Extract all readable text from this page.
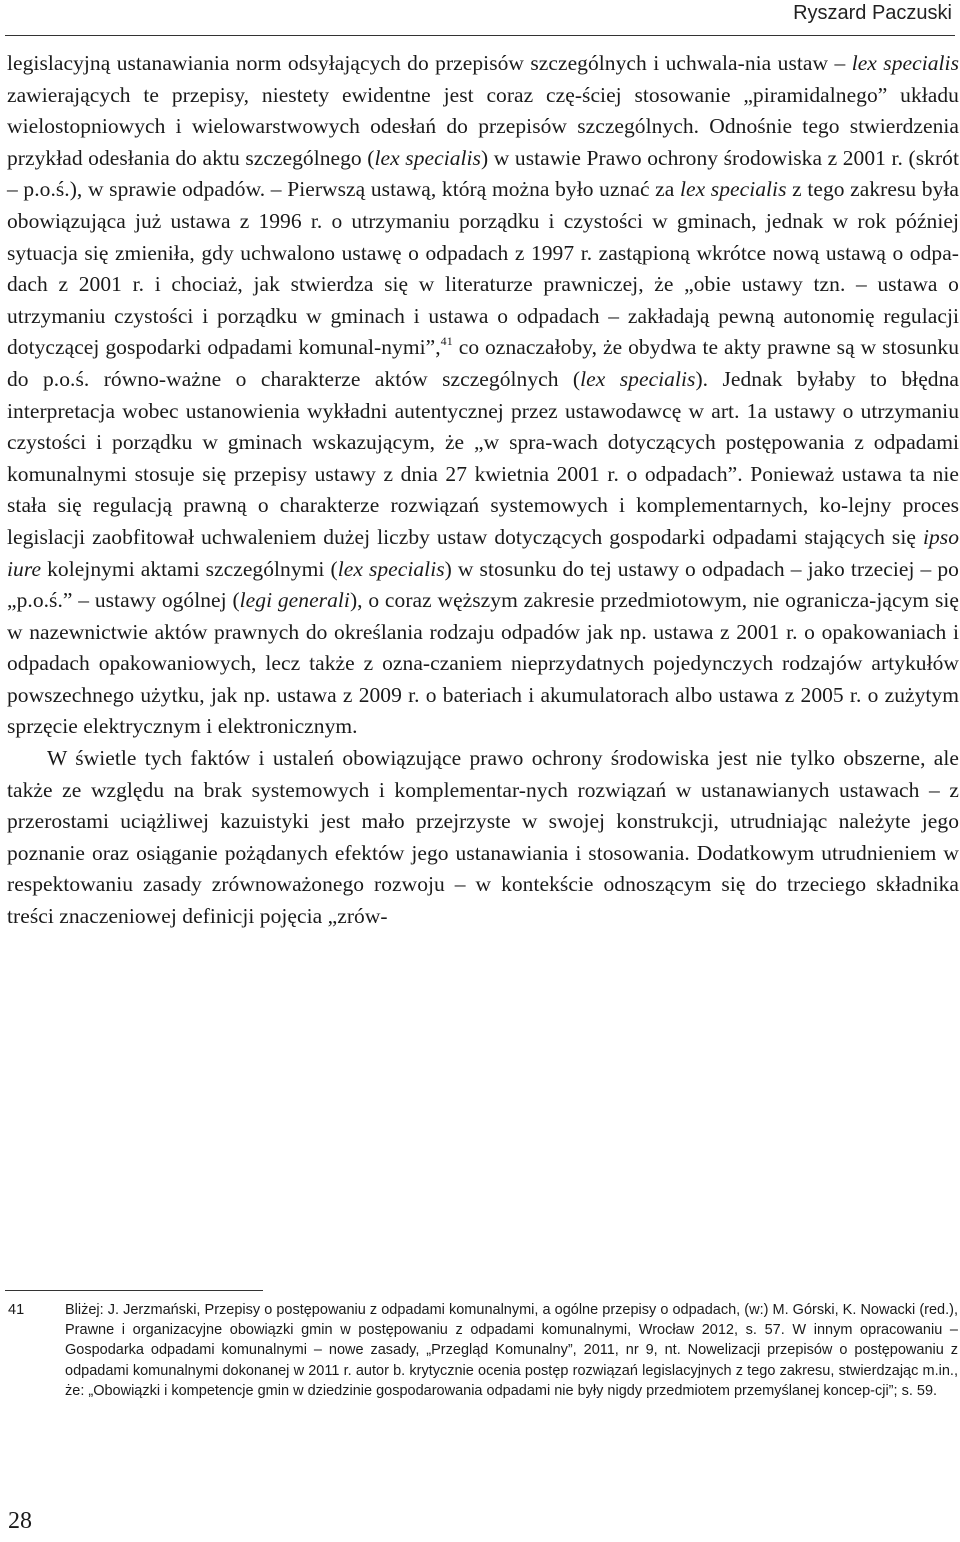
Ryszard Paczuski

legislacyjną ustanawiania norm odsyłających do przepisów szczególnych i uchwala-​nia ustaw – lex specialis zawierających te przepisy, niestety ewidentne jest coraz czę-​ściej stosowanie „piramidalnego” układu wielostopniowych i wielowarstwowych odesłań do przepisów szczególnych. Odnośnie tego stwierdzenia przykład odesłania do aktu szczególnego (lex specialis) w ustawie Prawo ochrony środowiska z 2001 r. (skrót – p.o.ś.), w sprawie odpadów. – Pierwszą ustawą, którą można było uznać za lex specialis z tego zakresu była obowiązująca już ustawa z 1996 r. o utrzymaniu porządku i czystości w gminach, jednak w rok później sytuacja się zmieniła, gdy uchwalono ustawę o odpadach z 1997 r. zastąpioną wkrótce nową ustawą o odpa-​dach z 2001 r. i chociaż, jak stwierdza się w literaturze prawniczej, że „obie ustawy tzn. – ustawa o utrzymaniu czystości i porządku w gminach i ustawa o odpadach – zakładają pewną autonomię regulacji dotyczącej gospodarki odpadami komunal-​nymi”,$^{41}$ co oznaczałoby, że obydwa te akty prawne są w stosunku do p.o.ś. równo-​ważne o charakterze aktów szczególnych (lex specialis). Jednak byłaby to błędna interpretacja wobec ustanowienia wykładni autentycznej przez ustawodawcę w art. 1a ustawy o utrzymaniu czystości i porządku w gminach wskazującym, że „w spra-​wach dotyczących postępowania z odpadami komunalnymi stosuje się przepisy ustawy z dnia 27 kwietnia 2001 r. o odpadach”. Ponieważ ustawa ta nie stała się regulacją prawną o charakterze rozwiązań systemowych i komplementarnych, ko-​lejny proces legislacji zaobfitował uchwaleniem dużej liczby ustaw dotyczących gospodarki odpadami stających się ipso iure kolejnymi aktami szczególnymi (lex specialis) w stosunku do tej ustawy o odpadach – jako trzeciej – po „p.o.ś.” – ustawy ogólnej (legi generali), o coraz węższym zakresie przedmiotowym, nie ogranicza-​jącym się w nazewnictwie aktów prawnych do określania rodzaju odpadów jak np. ustawa z 2001 r. o opakowaniach i odpadach opakowaniowych, lecz także z ozna-​czaniem nieprzydatnych pojedynczych rodzajów artykułów powszechnego użytku, jak np. ustawa z 2009 r. o bateriach i akumulatorach albo ustawa z 2005 r. o zużytym sprzęcie elektrycznym i elektronicznym.

W świetle tych faktów i ustaleń obowiązujące prawo ochrony środowiska jest nie tylko obszerne, ale także ze względu na brak systemowych i komplementar-​nych rozwiązań w ustanawianych ustawach – z przerostami uciążliwej kazuistyki jest mało przejrzyste w swojej konstrukcji, utrudniając należyte jego poznanie oraz osiąganie pożądanych efektów jego ustanawiania i stosowania. Dodatkowym utrudnieniem w respektowaniu zasady zrównoważonego rozwoju – w kontekście odnoszącym się do trzeciego składnika treści znaczeniowej definicji pojęcia „zrów-

41	Bliżej: J. Jerzmański, Przepisy o postępowaniu z odpadami komunalnymi, a ogólne przepisy o odpadach, (w:) M. Górski, K. Nowacki (red.), Prawne i organizacyjne obowiązki gmin w postępowaniu z odpadami komunalnymi, Wrocław 2012, s. 57. W innym opracowaniu – Gospodarka odpadami komunalnymi – nowe zasady, „Przegląd Komunalny”, 2011, nr 9, nt. Nowelizacji przepisów o postępowaniu z odpadami komunalnymi dokonanej w 2011 r. autor b. krytycznie ocenia postęp rozwiązań legislacyjnych z tego zakresu, stwierdzając m.in., że: „Obowiązki i kompetencje gmin w dziedzinie gospodarowania odpadami nie były nigdy przedmiotem przemyślanej koncep-cji”; s. 59.
28
